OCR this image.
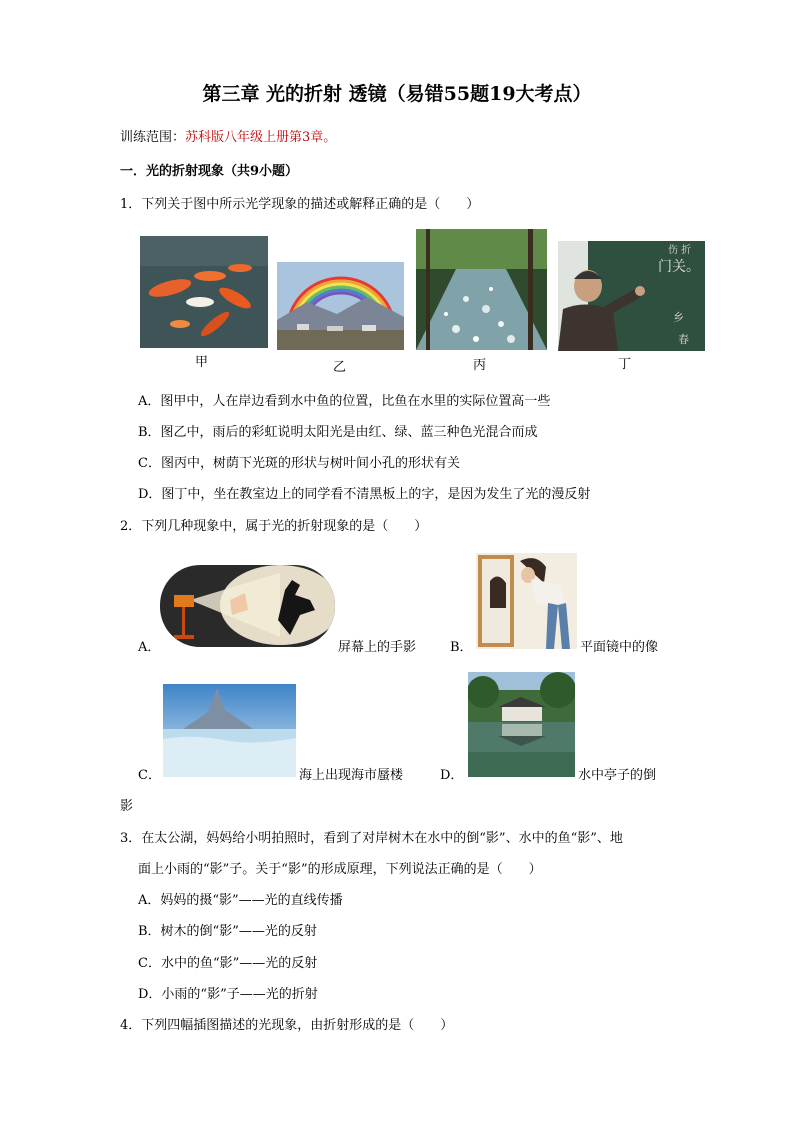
第三章 光的折射 透镜（易错55题19大考点）
训练范围：苏科版八年级上册第3章。
一．光的折射现象（共9小题）
1．下列关于图中所示光学现象的描述或解释正确的是（　　）
甲	乙	丙
门关。
伤 折
乡
春
丁
A．图甲中，人在岸边看到水中鱼的位置，比鱼在水里的实际位置高一些
B．图乙中，雨后的彩虹说明太阳光是由红、绿、蓝三种色光混合而成
C．图丙中，树荫下光斑的形状与树叶间小孔的形状有关
D．图丁中，坐在教室边上的同学看不清黑板上的字，是因为发生了光的漫反射
2．下列几种现象中，属于光的折射现象的是（　　）
A．	屏幕上的手影	B．	平面镜中的像
C．	海上出现海市蜃楼	D．	水中亭子的倒
影
3．在太公湖，妈妈给小明拍照时，看到了对岸树木在水中的倒“影”、水中的鱼“影”、地
面上小雨的“影”子。关于“影”的形成原理，下列说法正确的是（　　）
A．妈妈的摄“影”——光的直线传播
B．树木的倒“影”——光的反射
C．水中的鱼“影”——光的反射
D．小雨的“影”子——光的折射
4．下列四幅插图描述的光现象，由折射形成的是（　　）
